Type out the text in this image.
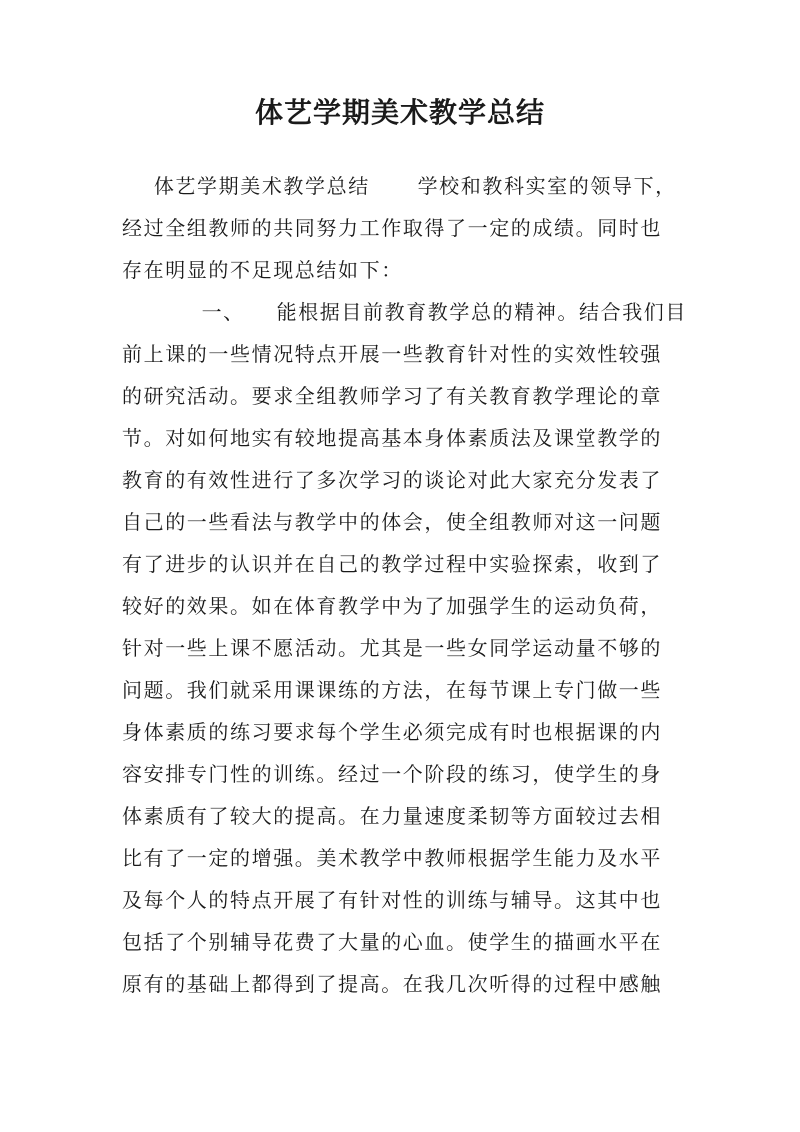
体艺学期美术教学总结
体艺学期美术教学总结      学校和教科实室的领导下，
经过全组教师的共同努力工作取得了一定的成绩。同时也
存在明显的不足现总结如下：
一、    能根据目前教育教学总的精神。结合我们目
前上课的一些情况特点开展一些教育针对性的实效性较强
的研究活动。要求全组教师学习了有关教育教学理论的章
节。对如何地实有较地提高基本身体素质法及课堂教学的
教育的有效性进行了多次学习的谈论对此大家充分发表了
自己的一些看法与教学中的体会，使全组教师对这一问题
有了进步的认识并在自己的教学过程中实验探索，收到了
较好的效果。如在体育教学中为了加强学生的运动负荷，
针对一些上课不愿活动。尤其是一些女同学运动量不够的
问题。我们就采用课课练的方法，在每节课上专门做一些
身体素质的练习要求每个学生必须完成有时也根据课的内
容安排专门性的训练。经过一个阶段的练习，使学生的身
体素质有了较大的提高。在力量速度柔韧等方面较过去相
比有了一定的增强。美术教学中教师根据学生能力及水平
及每个人的特点开展了有针对性的训练与辅导。这其中也
包括了个别辅导花费了大量的心血。使学生的描画水平在
原有的基础上都得到了提高。在我几次听得的过程中感触
